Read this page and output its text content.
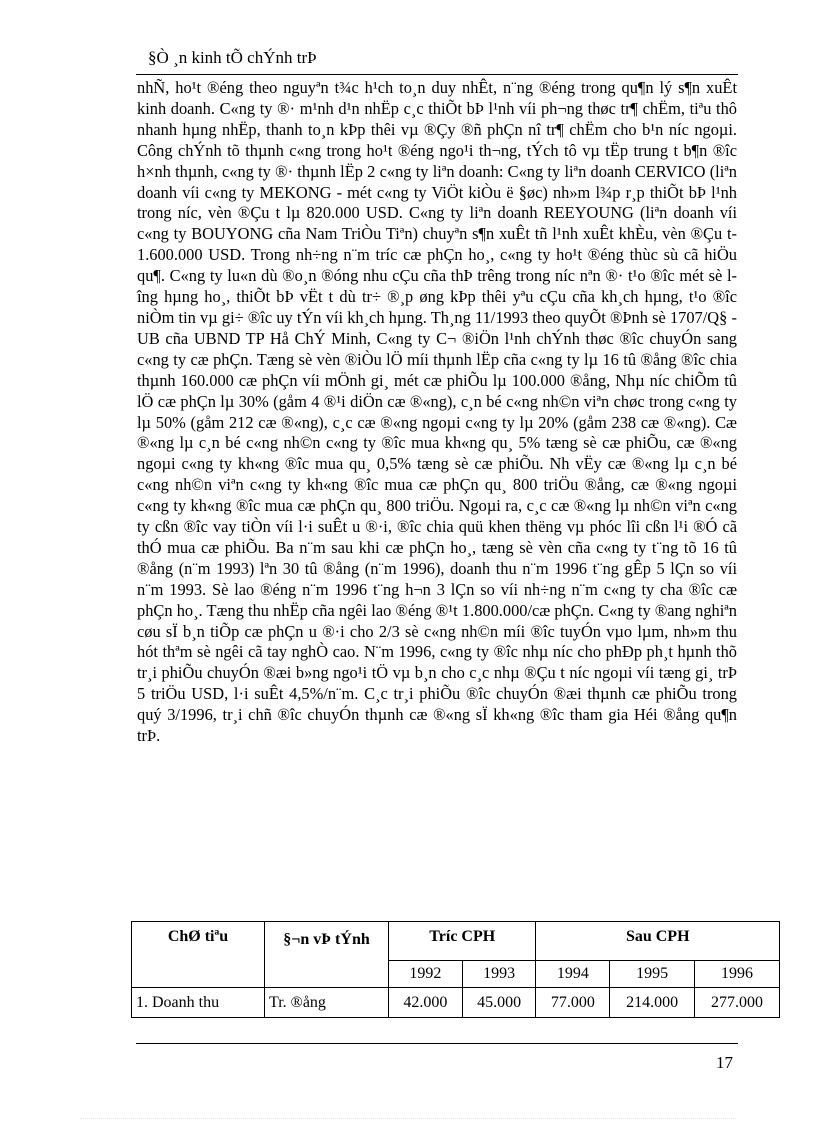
§Ò ¸n kinh tÕ chÝnh trÞ

nhÑ, ho¹t ®éng theo nguyªn t¾c h¹ch to¸n duy nhÊt, n¨ng ®éng trong qu¶n lý s¶n xuÊt kinh doanh. C«ng ty ®· m¹nh d¹n nhËp c¸c thiÕt bÞ l¹nh víi ph¬ng thøc tr¶ chËm, tiªu thô nhanh hµng nhËp, thanh to¸n kÞp thêi vµ ®Çy ®ñ phÇn nî tr¶ chËm cho b¹n níc ngoµi. Công chÝnh tõ thµnh c«ng trong ho¹t ®éng ngo¹i th¬ng, tÝch tô vµ tËp trung t b¶n ®îc h×nh thµnh, c«ng ty ®· thµnh lËp 2 c«ng ty liªn doanh: C«ng ty liªn doanh CERVICO (liªn doanh víi c«ng ty MEKONG - mét c«ng ty ViÖt kiÒu ë §øc) nh»m l¾p r¸p thiÕt bÞ l¹nh trong níc, vèn ®Çu t lµ 820.000 USD. C«ng ty liªn doanh REEYOUNG (liªn doanh víi c«ng ty BOUYONG cña Nam TriÒu Tiªn) chuyªn s¶n xuÊt tñ l¹nh xuÊt khÈu, vèn ®Çu t 1.600.000 USD. Trong nh÷ng n¨m tríc cæ phÇn ho¸, c«ng ty ho¹t ®éng thùc sù cã hiÖu qu¶. C«ng ty lu«n dù ®o¸n ®óng nhu cÇu cña thÞ trêng trong níc nªn ®· t¹o ®îc mét sè lîng hµng ho¸, thiÕt bÞ vËt t dù tr÷ ®¸p øng kÞp thêi yªu cÇu cña kh¸ch hµng, t¹o ®îc niÒm tin vµ gi÷ ®îc uy tÝn víi kh¸ch hµng. Th¸ng 11/1993 theo quyÕt ®Þnh sè 1707/Q§ - UB cña UBND TP Hå ChÝ Minh, C«ng ty C¬ ®iÖn l¹nh chÝnh thøc ®îc chuyÓn sang c«ng ty cæ phÇn. Tæng sè vèn ®iÒu lÖ míi thµnh lËp cña c«ng ty lµ 16 tû ®ång ®îc chia thµnh 160.000 cæ phÇn víi mÖnh gi¸ mét cæ phiÕu lµ 100.000 ®ång, Nhµ níc chiÕm tû lÖ cæ phÇn lµ 30% (gåm 4 ®¹i diÖn cæ ®«ng), c¸n bé c«ng nh©n viªn chøc trong c«ng ty lµ 50% (gåm 212 cæ ®«ng), c¸c cæ ®«ng ngoµi c«ng ty lµ 20% (gåm 238 cæ ®«ng). Cæ ®«ng lµ c¸n bé c«ng nh©n c«ng ty ®îc mua kh«ng qu¸ 5% tæng sè cæ phiÕu, cæ ®«ng ngoµi c«ng ty kh«ng ®îc mua qu¸ 0,5% tæng sè cæ phiÕu. Nh vËy cæ ®«ng lµ c¸n bé c«ng nh©n viªn c«ng ty kh«ng ®îc mua cæ phÇn qu¸ 800 triÖu ®ång, cæ ®«ng ngoµi c«ng ty kh«ng ®îc mua cæ phÇn qu¸ 800 triÖu. Ngoµi ra, c¸c cæ ®«ng lµ nh©n viªn c«ng ty cßn ®îc vay tiÒn víi l·i suÊt u ®·i, ®îc chia quü khen thëng vµ phóc lîi cßn l¹i ®Ó cã thÓ mua cæ phiÕu. Ba n¨m sau khi cæ phÇn ho¸, tæng sè vèn cña c«ng ty t¨ng tõ 16 tû ®ång (n¨m 1993) lªn 30 tû ®ång (n¨m 1996), doanh thu n¨m 1996 t¨ng gÊp 5 lÇn so víi n¨m 1993. Sè lao ®éng n¨m 1996 t¨ng h¬n 3 lÇn so víi nh÷ng n¨m c«ng ty cha ®îc cæ phÇn ho¸. Tæng thu nhËp cña ngêi lao ®éng ®¹t 1.800.000/cæ phÇn. C«ng ty ®ang nghiªn cøu sÏ b¸n tiÕp cæ phÇn u ®·i cho 2/3 sè c«ng nh©n míi ®îc tuyÓn vµo lµm, nh»m thu hót thªm sè ngêi cã tay nghÒ cao. N¨m 1996, c«ng ty ®îc nhµ níc cho phÐp ph¸t hµnh thõ tr¸i phiÕu chuyÓn ®æi b»ng ngo¹i tÖ vµ b¸n cho c¸c nhµ ®Çu t níc ngoµi víi tæng gi¸ trÞ 5 triÖu USD, l·i suÊt 4,5%/n¨m. C¸c tr¸i phiÕu ®îc chuyÓn ®æi thµnh cæ phiÕu trong quý 3/1996, tr¸i chñ ®îc chuyÓn thµnh cæ ®«ng sÏ kh«ng ®îc tham gia Héi ®ång qu¶n trÞ.

ChØ tiªu	§¬n vÞ tÝnh	Tríc CPH		Sau CPH		
		1992	1993	1994	1995	1996
1. Doanh thu	Tr. ®ång	42.000	45.000	77.000	214.000	277.000
17
